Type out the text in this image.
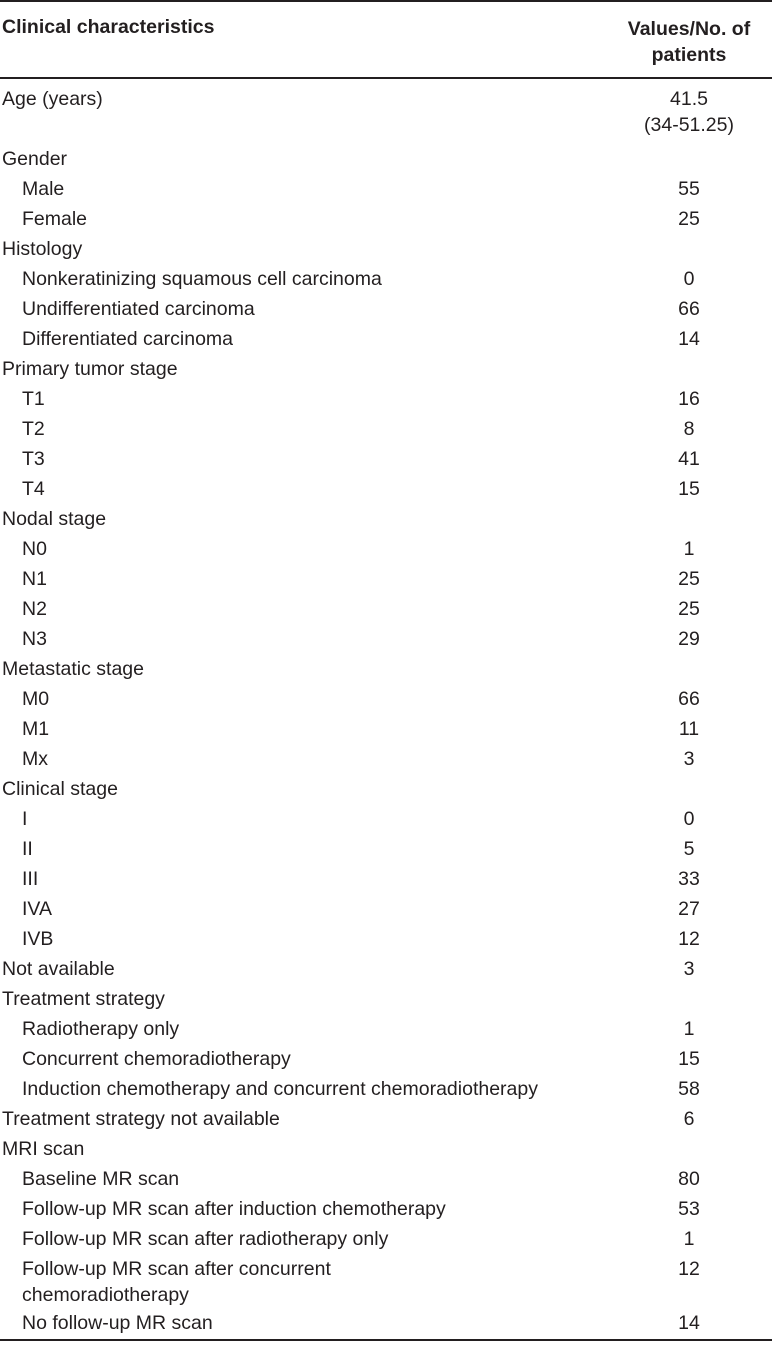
Clinical characteristics	Values/No. of
patients

Age (years)	41.5
(34-51.25)

Gender	

Male	55

Female	25

Histology	

Nonkeratinizing squamous cell carcinoma	0

Undifferentiated carcinoma	66

Differentiated carcinoma	14

Primary tumor stage	

T1	16

T2	8

T3	41

T4	15

Nodal stage	

N0	1

N1	25

N2	25

N3	29

Metastatic stage	

M0	66

M1	11

Mx	3

Clinical stage	

I	0

II	5

III	33

IVA	27

IVB	12

Not available	3

Treatment strategy	

Radiotherapy only	1

Concurrent chemoradiotherapy	15

Induction chemotherapy and concurrent chemoradiotherapy	58

Treatment strategy not available	6

MRI scan	

Baseline MR scan	80

Follow-up MR scan after induction chemotherapy	53

Follow-up MR scan after radiotherapy only	1

Follow-up MR scan after concurrent
chemoradiotherapy	12

No follow-up MR scan	14
